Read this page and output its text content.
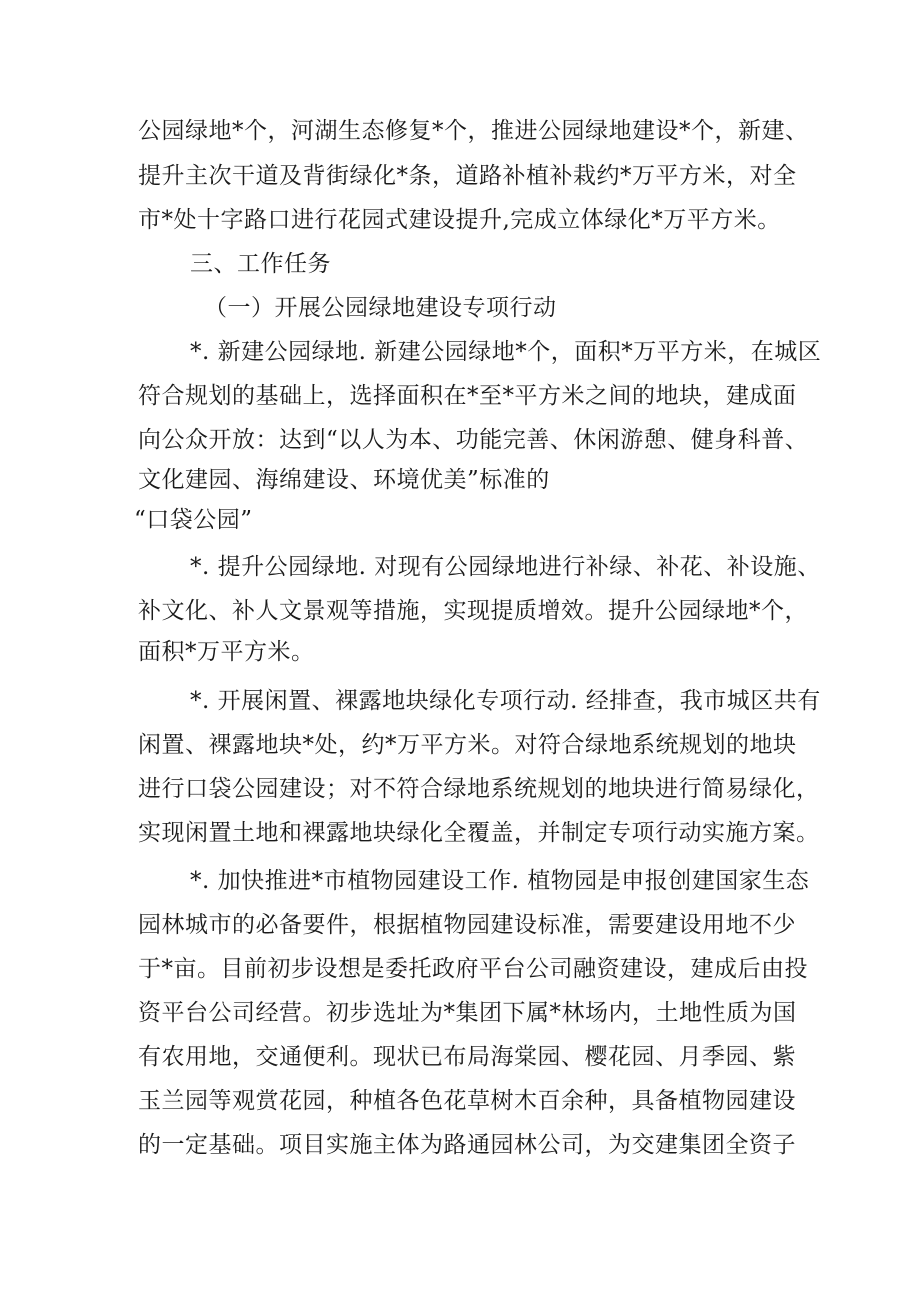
公园绿地*个，河湖生态修复*个，推进公园绿地建设*个，新建、
提升主次干道及背街绿化*条，道路补植补栽约*万平方米，对全
市*处十字路口进行花园式建设提升,完成立体绿化*万平方米。
三、工作任务
（一）开展公园绿地建设专项行动
*. 新建公园绿地. 新建公园绿地*个，面积*万平方米，在城区
符合规划的基础上，选择面积在*至*平方米之间的地块，建成面
向公众开放：达到“以人为本、功能完善、休闲游憩、健身科普、
文化建园、海绵建设、环境优美”标准的
“口袋公园”
*. 提升公园绿地. 对现有公园绿地进行补绿、补花、补设施、
补文化、补人文景观等措施，实现提质增效。提升公园绿地*个，
面积*万平方米。
*. 开展闲置、裸露地块绿化专项行动. 经排查，我市城区共有
闲置、裸露地块*处，约*万平方米。对符合绿地系统规划的地块
进行口袋公园建设；对不符合绿地系统规划的地块进行简易绿化，
实现闲置土地和裸露地块绿化全覆盖，并制定专项行动实施方案。
*. 加快推进*市植物园建设工作. 植物园是申报创建国家生态
园林城市的必备要件，根据植物园建设标准，需要建设用地不少
于*亩。目前初步设想是委托政府平台公司融资建设，建成后由投
资平台公司经营。初步选址为*集团下属*林场内，土地性质为国
有农用地，交通便利。现状已布局海棠园、樱花园、月季园、紫
玉兰园等观赏花园，种植各色花草树木百余种，具备植物园建设
的一定基础。项目实施主体为路通园林公司，为交建集团全资子
